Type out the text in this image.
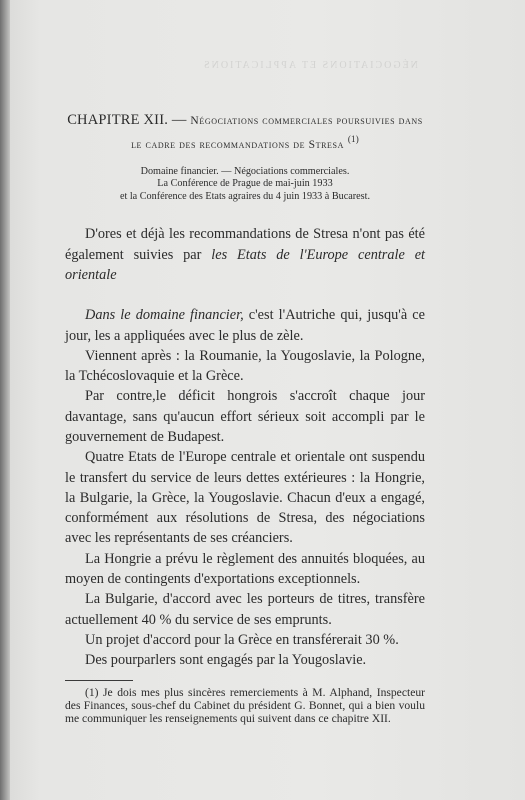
NÉGOCIATIONS ET APPLICATIONS
CHAPITRE XII. — Négociations commerciales poursuivies dans le cadre des recommandations de Stresa $^{(1)}$
Domaine financier. — Négociations commerciales.
La Conférence de Prague de mai-juin 1933
et la Conférence des Etats agraires du 4 juin 1933 à Bucarest.

D'ores et déjà les recommandations de Stresa n'ont pas été également suivies par les Etats de l'Europe centrale et orientale

Dans le domaine financier, c'est l'Autriche qui, jusqu'à ce jour, les a appliquées avec le plus de zèle.

Viennent après : la Roumanie, la Yougoslavie, la Pologne, la Tchécoslovaquie et la Grèce.

Par contre,le déficit hongrois s'accroît chaque jour davantage, sans qu'aucun effort sérieux soit accompli par le gouvernement de Budapest.

Quatre Etats de l'Europe centrale et orientale ont suspendu le transfert du service de leurs dettes extérieures : la Hongrie, la Bulgarie, la Grèce, la Yougoslavie. Chacun d'eux a engagé, conformément aux résolutions de Stresa, des négociations avec les représentants de ses créanciers.

La Hongrie a prévu le règlement des annuités bloquées, au moyen de contingents d'exportations exceptionnels.

La Bulgarie, d'accord avec les porteurs de titres, transfère actuellement 40 % du service de ses emprunts.

Un projet d'accord pour la Grèce en transférerait 30 %.

Des pourparlers sont engagés par la Yougoslavie.

(1) Je dois mes plus sincères remerciements à M. Alphand, Inspecteur des Finances, sous-chef du Cabinet du président G. Bonnet, qui a bien voulu me communiquer les renseignements qui suivent dans ce chapitre XII.
